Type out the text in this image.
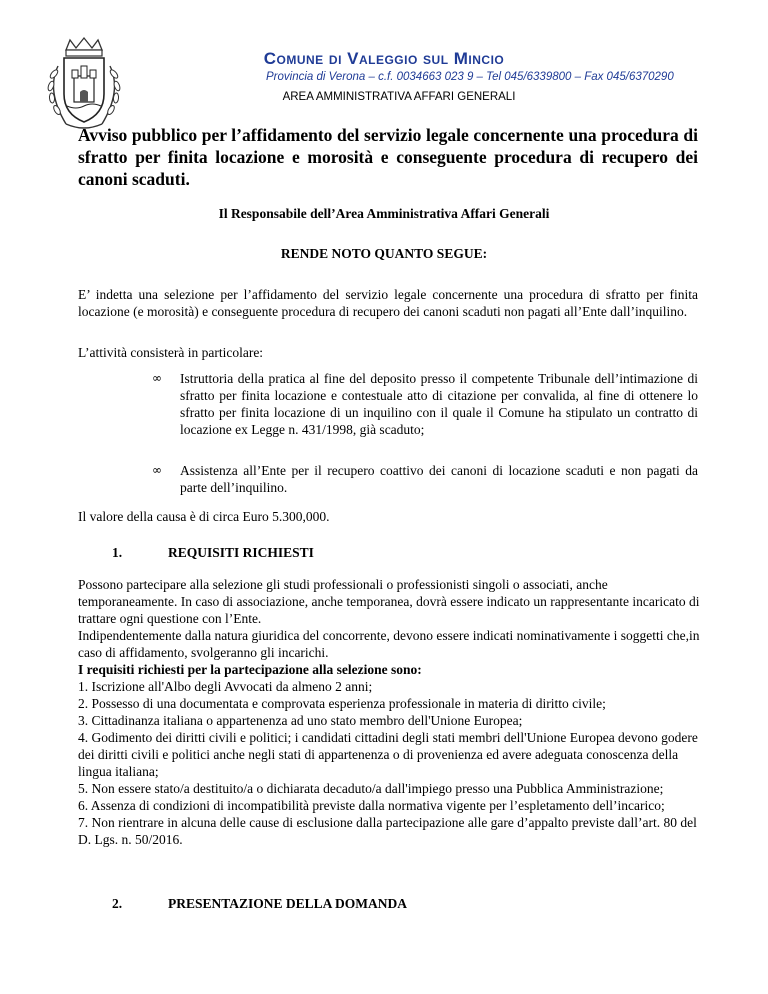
Comune di Valeggio sul Mincio
Provincia di Verona – c.f. 0034663 023 9 – Tel 045/6339800 – Fax 045/6370290
AREA AMMINISTRATIVA AFFARI GENERALI
Avviso pubblico per l’affidamento del servizio legale concernente una procedura di sfratto per finita locazione e morosità e conseguente procedura di recupero dei canoni scaduti.
Il Responsabile dell’Area Amministrativa Affari Generali
RENDE NOTO QUANTO SEGUE:
E’ indetta una selezione per l’affidamento del servizio legale concernente una procedura di sfratto per finita locazione (e morosità) e conseguente procedura di recupero dei canoni scaduti non pagati all’Ente dall’inquilino.
L’attività consisterà in particolare:
∞ Istruttoria della pratica al fine del deposito presso il competente Tribunale dell’intimazione di sfratto per finita locazione e contestuale atto di citazione per convalida, al fine di ottenere lo sfratto per finita locazione di un inquilino con il quale il Comune ha stipulato un contratto di locazione ex Legge n. 431/1998, già scaduto;
∞ Assistenza all’Ente per il recupero coattivo dei canoni di locazione scaduti e non pagati da parte dell’inquilino.
Il valore della causa è di circa Euro 5.300,000.
1.	REQUISITI RICHIESTI

Possono partecipare alla selezione gli studi professionali o professionisti singoli o associati, anche temporaneamente. In caso di associazione, anche temporanea, dovrà essere indicato un rappresentante incaricato di trattare ogni questione con l’Ente.

Indipendentemente dalla natura giuridica del concorrente, devono essere indicati nominativamente i soggetti che,in caso di affidamento, svolgeranno gli incarichi.

I requisiti richiesti per la partecipazione alla selezione sono:

1. Iscrizione all'Albo degli Avvocati da almeno 2 anni;

2. Possesso di una documentata e comprovata esperienza professionale in materia di diritto civile;

3. Cittadinanza italiana o appartenenza ad uno stato membro dell'Unione Europea;

4. Godimento dei diritti civili e politici; i candidati cittadini degli stati membri dell'Unione Europea devono godere dei diritti civili e politici anche negli stati di appartenenza o di provenienza ed avere adeguata conoscenza della lingua italiana;

5. Non essere stato/a destituito/a o dichiarata decaduto/a dall'impiego presso una Pubblica Amministrazione;

6. Assenza di condizioni di incompatibilità previste dalla normativa vigente per l’espletamento dell’incarico;

7. Non rientrare in alcuna delle cause di esclusione dalla partecipazione alle gare d’appalto previste dall’art. 80 del D. Lgs. n. 50/2016.

2.	PRESENTAZIONE DELLA DOMANDA
